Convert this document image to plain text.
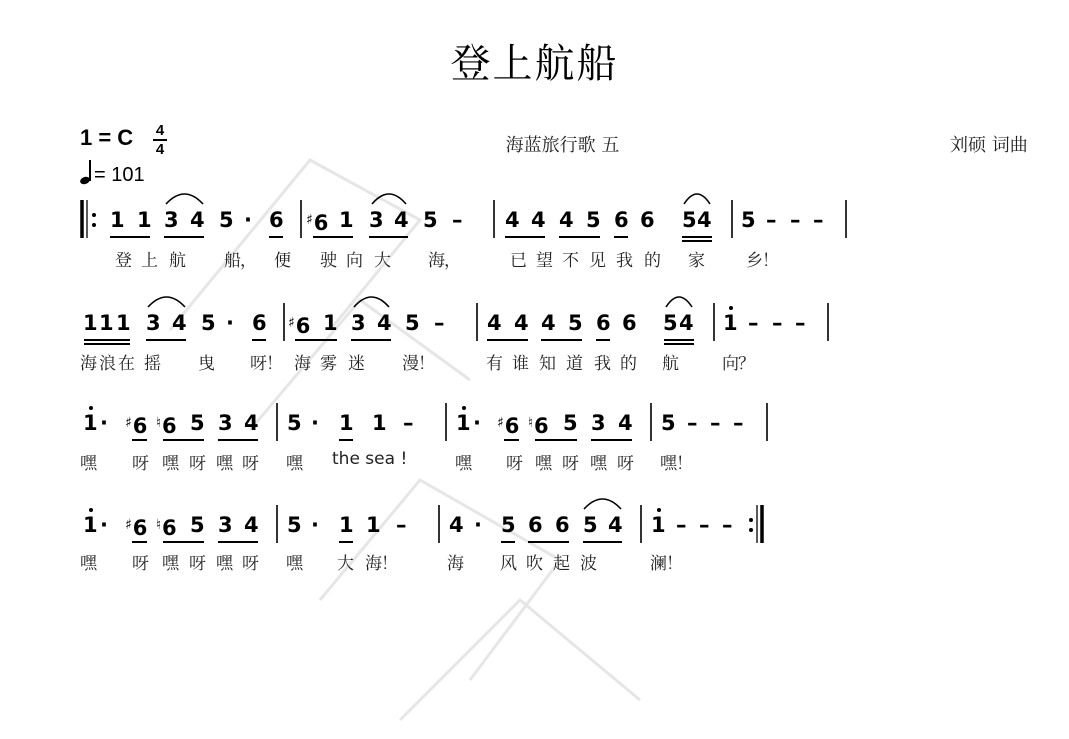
登上航船
1 = C	4
4
= 101
海蓝旅行歌 五	刘硕 词曲
1 1 3 4 5 · 6 ♯6 1 3 4 5 – 4 4 4 5 6 6 5 4 5 – – –
登 上 航 船 ， 便 驶 向 大 海 ，	已 望 不 见 我 的 家 乡 ！
1 1 1 3 4 5 · 6 ♯6 1 3 4 5 – 4 4 4 5 6 6 5 4 1 – – –
海 浪 在 摇 曳 呀 ！ 海 雾 迷 漫 ！	有 谁 知 道 我 的 航	向 ？
1 · ♯6 ♮6 5 3 4 5 · 1 1 – 1 · ♯6 ♮6 5 3 4 5 – – –
嘿 呀 嘿 呀 嘿 呀 嘿 the sea !	嘿 呀 嘿 呀 嘿 呀 嘿 ！
1 · ♯6 ♮6 5 3 4 5 · 1 1 – 4 · 5 6 6 5 4 1 – – –
嘿 呀 嘿 呀 嘿 呀 嘿 大 海 ！	海 风 吹 起 波	澜 ！
